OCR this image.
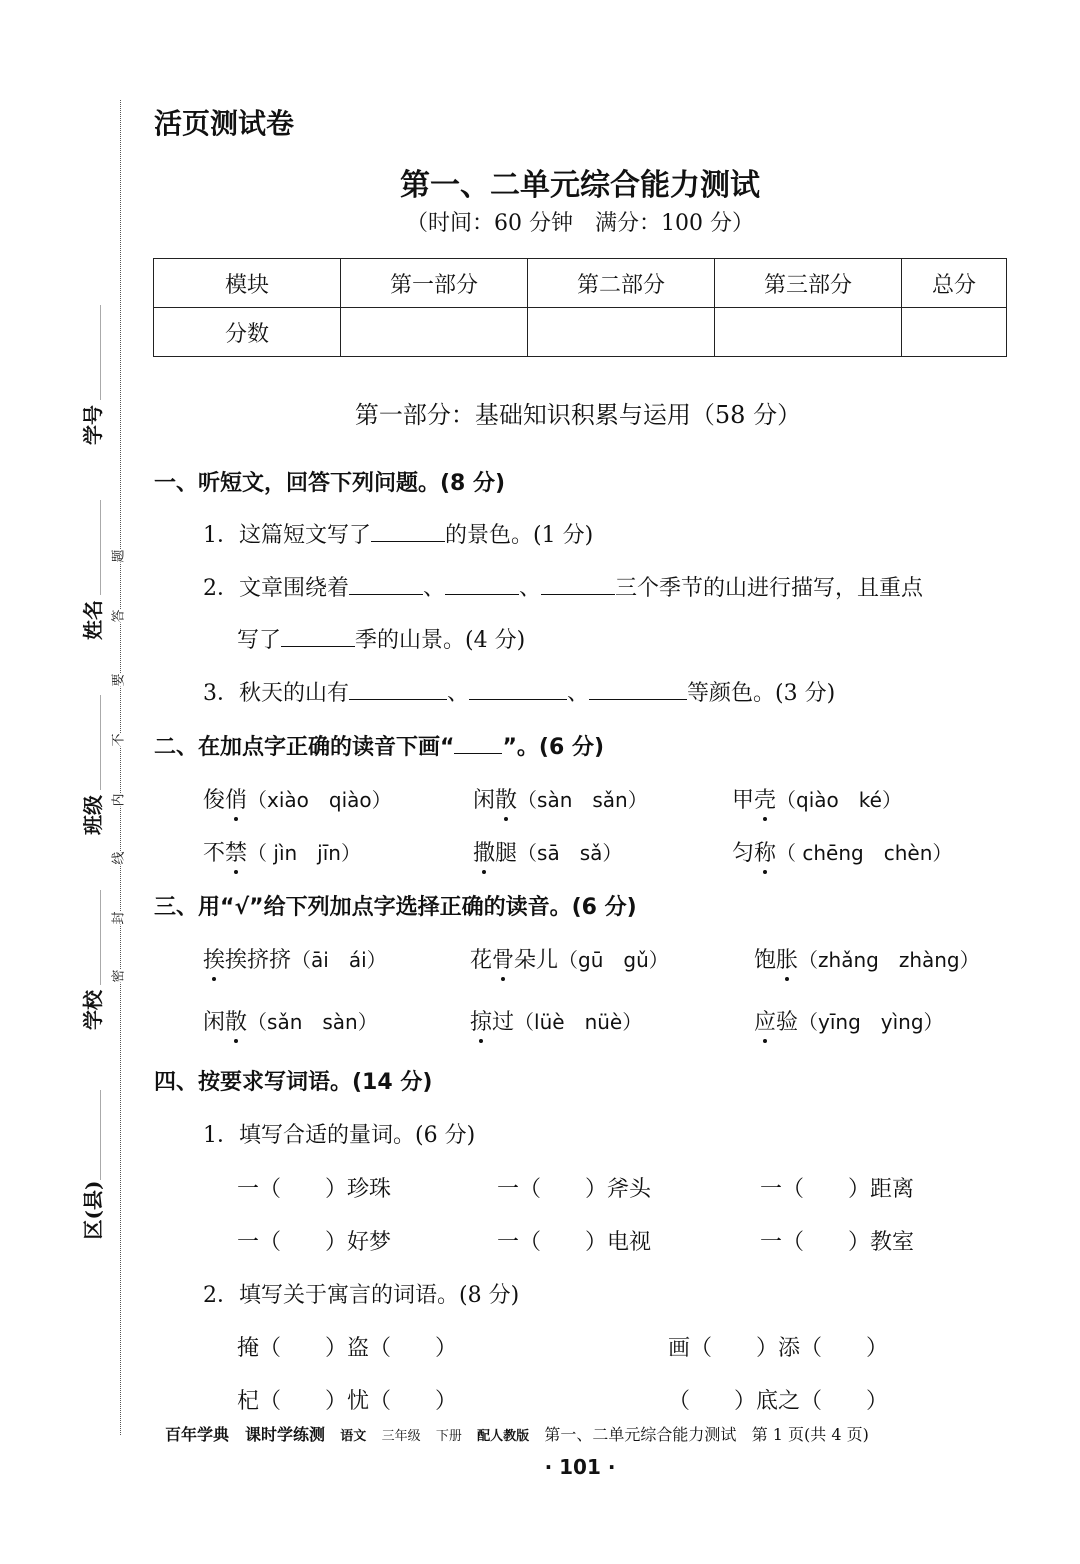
学号
姓名
班级
学校
区(县)
题
答
要
不
内
线
封
密
活页测试卷
第一、二单元综合能力测试
（时间：60 分钟　满分：100 分）
模块	第一部分	第二部分	第三部分	总分
分数				
第一部分：基础知识积累与运用（58 分）
一、听短文，回答下列问题。(8 分)
1．这篇短文写了	的景色。(1 分)
2．文章围绕着	、	、	三个季节的山进行描写，且重点
写了	季的山景。(4 分)
3．秋天的山有	、	、	等颜色。(3 分)
二、在加点字正确的读音下画“ ”。(6 分)
俊俏（xiào　qiào）	闲散（sàn　sǎn）	甲壳（qiào　ké）
不禁（ jìn　jīn）	撒腿（sā　sǎ）	匀称（ chēng　chèn）
三、用“√”给下列加点字选择正确的读音。(6 分)
挨挨挤挤（āi　ái）	花骨朵儿（gū　gǔ）	饱胀（zhǎng　zhàng）
闲散（sǎn　sàn）	掠过（lüè　nüè）	应验（yīng　yìng）
四、按要求写词语。(14 分)
1．填写合适的量词。(6 分)
一（　　）珍珠	一（　　）斧头	一（　　）距离
一（　　）好梦	一（　　）电视	一（　　）教室
2．填写关于寓言的词语。(8 分)
掩（　　）盗（　　）	画（　　）添（　　）
杞（　　）忧（　　）	（　　）底之（　　）
百年学典　课时学练测 语文 三年级 下册 配人教版 第一、二单元综合能力测试 第 1 页(共 4 页)
· 101 ·
